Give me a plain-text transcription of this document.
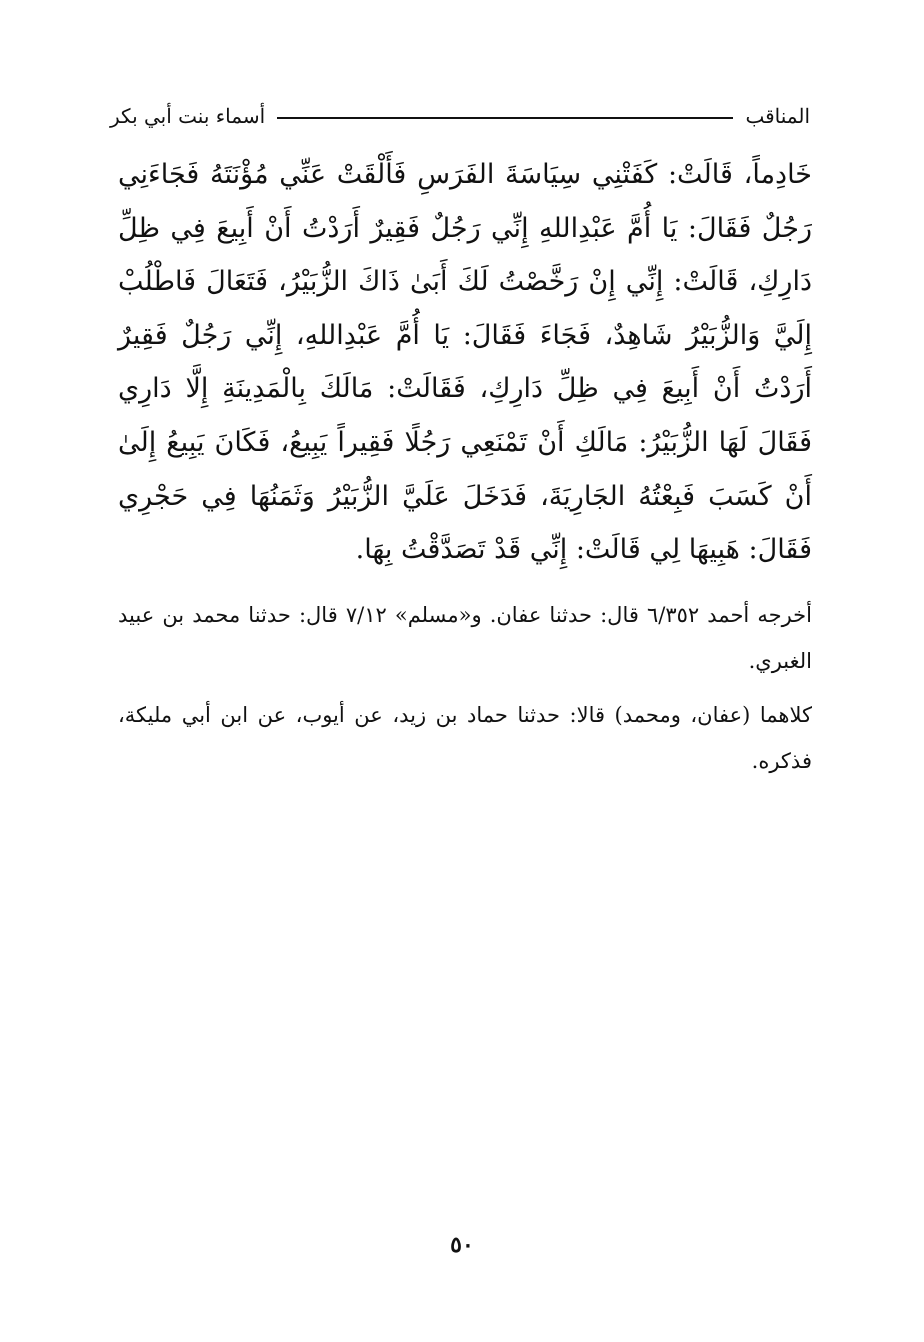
المناقب
أسماء بنت أبي بكر

خَادِماً، قَالَتْ: كَفَتْنِي سِيَاسَةَ الفَرَسِ فَأَلْقَتْ عَنِّي مُؤْنَتَهُ فَجَاءَنِي رَجُلٌ فَقَالَ: يَا أُمَّ عَبْدِاللهِ إِنِّي رَجُلٌ فَقِيرٌ أَرَدْتُ أَنْ أَبِيعَ فِي ظِلِّ دَارِكِ، قَالَتْ: إِنِّي إِنْ رَخَّصْتُ لَكَ أَبَىٰ ذَاكَ الزُّبَيْرُ، فَتَعَالَ فَاطْلُبْ إِلَيَّ وَالزُّبَيْرُ شَاهِدٌ، فَجَاءَ فَقَالَ: يَا أُمَّ عَبْدِاللهِ، إِنِّي رَجُلٌ فَقِيرٌ أَرَدْتُ أَنْ أَبِيعَ فِي ظِلِّ دَارِكِ، فَقَالَتْ: مَالَكَ بِالْمَدِينَةِ إِلَّا دَارِي فَقَالَ لَهَا الزُّبَيْرُ: مَالَكِ أَنْ تَمْنَعِي رَجُلًا فَقِيراً يَبِيعُ، فَكَانَ يَبِيعُ إِلَىٰ أَنْ كَسَبَ فَبِعْتُهُ الجَارِيَةَ، فَدَخَلَ عَلَيَّ الزُّبَيْرُ وَثَمَنُهَا فِي حَجْرِي فَقَالَ: هَبِيهَا لِي قَالَتْ: إِنِّي قَدْ تَصَدَّقْتُ بِهَا.

أخرجه أحمد ٦/٣٥٢ قال: حدثنا عفان. و«مسلم» ٧/١٢ قال: حدثنا محمد بن عبيد الغبري.

كلاهما (عفان، ومحمد) قالا: حدثنا حماد بن زيد، عن أيوب، عن ابن أبي مليكة، فذكره.

٥٠
